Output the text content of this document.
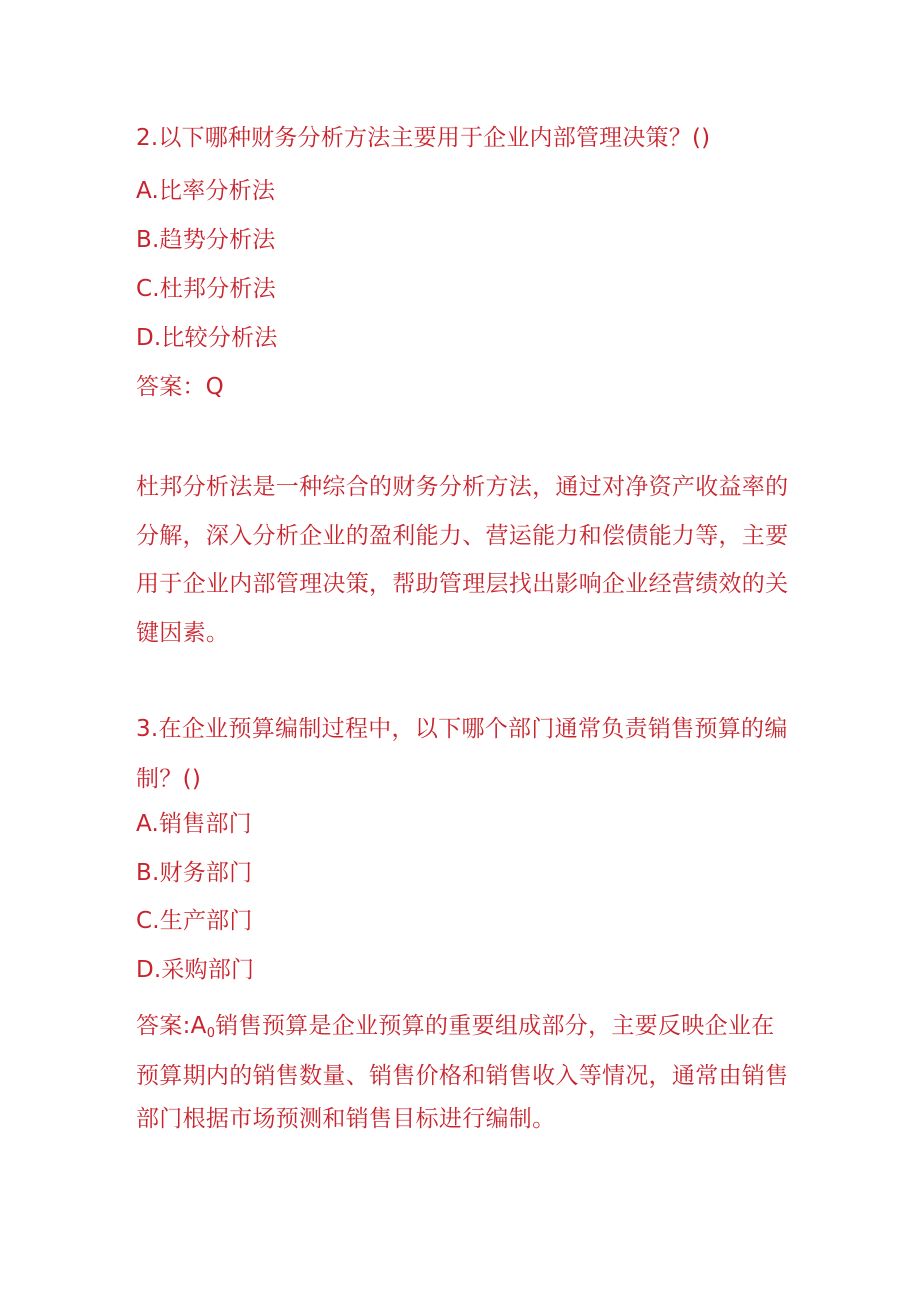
2.以下哪种财务分析方法主要用于企业内部管理决策？()
A.比率分析法
B.趋势分析法
C.杜邦分析法
D.比较分析法
答案：Q
杜邦分析法是一种综合的财务分析方法，通过对净资产收益率的分解，深入分析企业的盈利能力、营运能力和偿债能力等，主要用于企业内部管理决策，帮助管理层找出影响企业经营绩效的关键因素。
3.在企业预算编制过程中，以下哪个部门通常负责销售预算的编制？()
A.销售部门
B.财务部门
C.生产部门
D.采购部门
答案:A0销售预算是企业预算的重要组成部分，主要反映企业在预算期内的销售数量、销售价格和销售收入等情况，通常由销售部门根据市场预测和销售目标进行编制。
